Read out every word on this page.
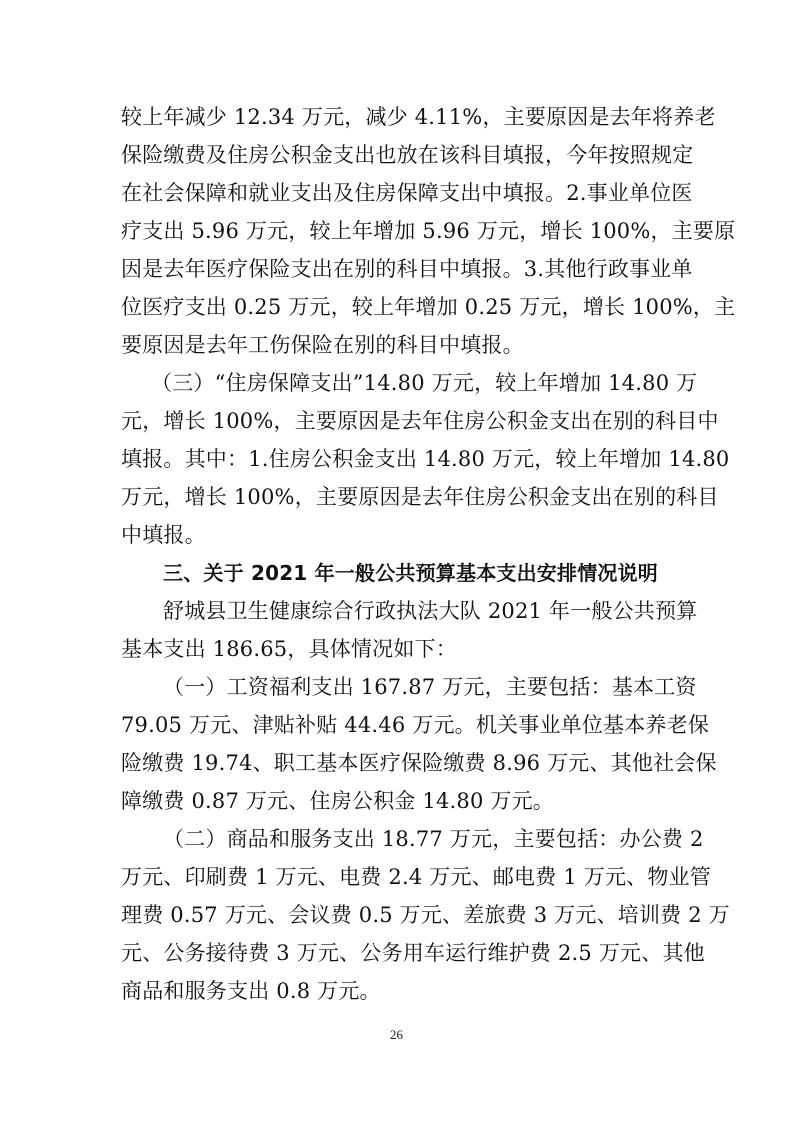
较上年减少 12.34 万元，减少 4.11%，主要原因是去年将养老
保险缴费及住房公积金支出也放在该科目填报，今年按照规定
在社会保障和就业支出及住房保障支出中填报。2.事业单位医
疗支出 5.96 万元，较上年增加 5.96 万元，增长 100%，主要原
因是去年医疗保险支出在别的科目中填报。3.其他行政事业单
位医疗支出 0.25 万元，较上年增加 0.25 万元，增长 100%，主
要原因是去年工伤保险在别的科目中填报。
（三）“住房保障支出”14.80 万元，较上年增加 14.80 万
元，增长 100%，主要原因是去年住房公积金支出在别的科目中
填报。其中：1.住房公积金支出 14.80 万元，较上年增加 14.80
万元，增长 100%，主要原因是去年住房公积金支出在别的科目
中填报。
三、关于 2021 年一般公共预算基本支出安排情况说明
舒城县卫生健康综合行政执法大队 2021 年一般公共预算
基本支出 186.65，具体情况如下：
（一）工资福利支出 167.87 万元，主要包括：基本工资
79.05 万元、津贴补贴 44.46 万元。机关事业单位基本养老保
险缴费 19.74、职工基本医疗保险缴费 8.96 万元、其他社会保
障缴费 0.87 万元、住房公积金 14.80 万元。
（二）商品和服务支出 18.77 万元，主要包括：办公费 2
万元、印刷费 1 万元、电费 2.4 万元、邮电费 1 万元、物业管
理费 0.57 万元、会议费 0.5 万元、差旅费 3 万元、培训费 2 万
元、公务接待费 3 万元、公务用车运行维护费 2.5 万元、其他
商品和服务支出 0.8 万元。
26
